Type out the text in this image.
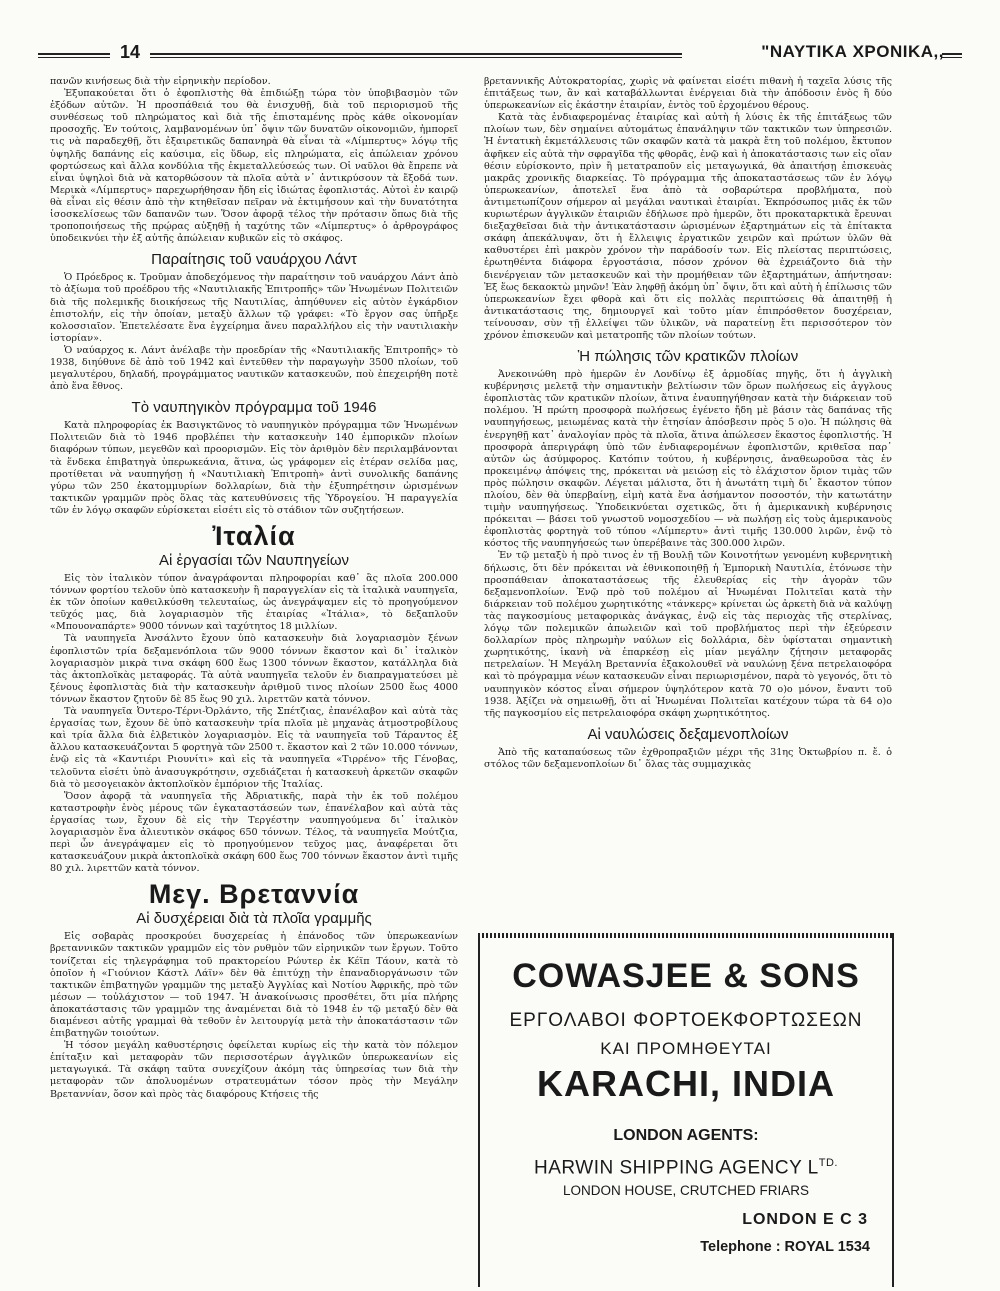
14	"ΝΑΥΤΙΚΑ ΧΡΟΝΙΚΑ,,

πανῶν κινήσεως διὰ τὴν εἰρηνικὴν περίοδον.

Ἐξυπακούεται ὅτι ὁ ἐφοπλιστὴς θὰ ἐπιδιώξῃ τώρα τὸν ὑποβιβασμὸν τῶν ἐξόδων αὐτῶν. Ἡ προσπάθειά του θὰ ἐνισχυθῇ, διὰ τοῦ περιορισμοῦ τῆς συνθέσεως τοῦ πληρώματος καὶ διὰ τῆς ἐπισταμένης πρὸς κάθε οἰκονομίαν προσοχῆς. Ἐν τούτοις, λαμβανομένων ὑπ᾿ ὄψιν τῶν δυνατῶν οἰκονομιῶν, ἠμπορεῖ τις νὰ παραδεχθῇ, ὅτι ἐξαιρετικῶς δαπανηρὰ θὰ εἶναι τὰ «Λίμπερτυς» λόγῳ τῆς ὑψηλῆς δαπάνης εἰς καύσιμα, εἰς ὕδωρ, εἰς πληρώματα, εἰς ἀπώλειαν χρόνου φορτώσεως καὶ ἄλλα κονδύλια τῆς ἐκμεταλλεύσεώς των. Οἱ ναῦλοι θὰ ἔπρεπε νὰ εἶναι ὑψηλοὶ διὰ νὰ κατορθώσουν τὰ πλοῖα αὐτὰ ν᾿ ἀντικρύσουν τὰ ἔξοδά των. Μερικὰ «Λίμπερτυς» παρεχωρήθησαν ἤδη εἰς ἰδιώτας ἐφοπλιστάς. Αὐτοὶ ἐν καιρῷ θὰ εἶναι εἰς θέσιν ἀπὸ τὴν κτηθεῖσαν πεῖραν νὰ ἐκτιμήσουν καὶ τὴν δυνατότητα ἰσοσκελίσεως τῶν δαπανῶν των. Ὅσον ἀφορᾷ τέλος τὴν πρότασιν ὅπως διὰ τῆς τροποποιήσεως τῆς πρῴρας αὐξηθῇ ἡ ταχύτης τῶν «Λίμπερτυς» ὁ ἀρθρογράφος ὑποδεικνύει τὴν ἐξ αὐτῆς ἀπώλειαν κυβικῶν εἰς τὸ σκάφος.

Παραίτησις τοῦ ναυάρχου Λάντ

Ὁ Πρόεδρος κ. Τροῦμαν ἀποδεχόμενος τὴν παραίτησιν τοῦ ναυάρχου Λάντ ἀπὸ τὸ ἀξίωμα τοῦ προέδρου τῆς «Ναυτιλιακῆς Ἐπιτροπῆς» τῶν Ἡνωμένων Πολιτειῶν διὰ τῆς πολεμικῆς διοικήσεως τῆς Ναυτιλίας, ἀπηύθυνεν εἰς αὐτὸν ἐγκάρδιον ἐπιστολήν, εἰς τὴν ὁποίαν, μεταξὺ ἄλλων τῷ γράφει: «Τὸ ἔργον σας ὑπῆρξε κολοσσιαῖον. Ἐπετελέσατε ἕνα ἐγχείρημα ἄνευ παραλλήλου εἰς τὴν ναυτιλιακὴν ἱστορίαν».

Ὁ ναύαρχος κ. Λάντ ἀνέλαβε τὴν προεδρίαν τῆς «Ναυτιλιακῆς Ἐπιτροπῆς» τὸ 1938, διηύθυνε δὲ ἀπὸ τοῦ 1942 καὶ ἐντεῦθεν τὴν παραγωγὴν 3500 πλοίων, τοῦ μεγαλυτέρου, δηλαδή, προγράμματος ναυτικῶν κατασκευῶν, ποὺ ἐπεχειρήθη ποτὲ ἀπὸ ἕνα ἔθνος.

Τὸ ναυπηγικὸν πρόγραμμα τοῦ 1946

Κατὰ πληροφορίας ἐκ Βασιγκτῶνος τὸ ναυπηγικὸν πρόγραμμα τῶν Ἡνωμένων Πολιτειῶν διὰ τὸ 1946 προβλέπει τὴν κατασκευὴν 140 ἐμπορικῶν πλοίων διαφόρων τύπων, μεγεθῶν καὶ προορισμῶν. Εἰς τὸν ἀριθμὸν δὲν περιλαμβάνονται τὰ ἕνδεκα ἐπιβατηγὰ ὑπερωκεάνια, ἅτινα, ὡς γράφομεν εἰς ἑτέραν σελίδα μας, προτίθεται νὰ ναυπηγήσῃ ἡ «Ναυτιλιακὴ Ἐπιτροπὴ» ἀντὶ συνολικῆς δαπάνης γύρω τῶν 250 ἑκατομμυρίων δολλαρίων, διὰ τὴν ἐξυπηρέτησιν ὡρισμένων τακτικῶν γραμμῶν πρὸς ὅλας τὰς κατευθύνσεις τῆς Ὑδρογείου. Ἡ παραγγελία τῶν ἐν λόγῳ σκαφῶν εὑρίσκεται εἰσέτι εἰς τὸ στάδιον τῶν συζητήσεων.

Ἰταλία
Αἱ ἐργασίαι τῶν Ναυπηγείων

Εἰς τὸν ἰταλικὸν τύπον ἀναγράφονται πληροφορίαι καθ᾿ ἃς πλοῖα 200.000 τόννων φορτίου τελοῦν ὑπὸ κατασκευὴν ἢ παραγγελίαν εἰς τὰ ἰταλικὰ ναυπηγεῖα, ἐκ τῶν ὁποίων καθειλκύσθη τελευταίως, ὡς ἀνεγράψαμεν εἰς τὸ προηγούμενον τεῦχός μας, διὰ λογαριασμὸν τῆς ἑταιρίας «Ἰτάλια», τὸ δεξαπλοῦν «Μπουοναπάρτε» 9000 τόννων καὶ ταχύτητος 18 μιλλίων.

Τὰ ναυπηγεῖα Ἀνσάλντο ἔχουν ὑπὸ κατασκευὴν διὰ λογαριασμὸν ξένων ἐφοπλιστῶν τρία δεξαμενόπλοια τῶν 9000 τόννων ἕκαστον καὶ δι᾿ ἰταλικὸν λογαριασμὸν μικρὰ τινα σκάφη 600 ἕως 1300 τόννων ἕκαστον, κατάλληλα διὰ τὰς ἀκτοπλοϊκὰς μεταφοράς. Τὰ αὐτὰ ναυπηγεῖα τελοῦν ἐν διαπραγματεύσει μὲ ξένους ἐφοπλιστὰς διὰ τὴν κατασκευὴν ἀριθμοῦ τινος πλοίων 2500 ἕως 4000 τόννων ἕκαστον ζητοῦν δὲ 85 ἕως 90 χιλ. λιρεττῶν κατὰ τόννον.

Τὰ ναυπηγεῖα Ὀντερο-Τέρνι-Ὀρλάντο, τῆς Σπέτζιας, ἐπανέλαβον καὶ αὐτὰ τὰς ἐργασίας των, ἔχουν δὲ ὑπὸ κατασκευὴν τρία πλοῖα μὲ μηχανὰς ἀτμοστροβίλους καὶ τρία ἄλλα διὰ ἐλβετικὸν λογαριασμὸν. Εἰς τὰ ναυπηγεῖα τοῦ Τάραντος ἐξ ἄλλου κατασκευάζονται 5 φορτηγὰ τῶν 2500 τ. ἕκαστον καὶ 2 τῶν 10.000 τόννων, ἐνῷ εἰς τὰ «Καντιέρι Ριουνίτι» καὶ εἰς τὰ ναυπηγεῖα «Τιρρένο» τῆς Γένοβας, τελοῦντα εἰσέτι ὑπὸ ἀνασυγκρότησιν, σχεδιάζεται ἡ κατασκευὴ ἀρκετῶν σκαφῶν διὰ τὸ μεσογειακὸν ἀκτοπλοϊκὸν ἐμπόριον τῆς Ἰταλίας.

Ὅσον ἀφορᾷ τὰ ναυπηγεῖα τῆς Ἀδριατικῆς, παρὰ τὴν ἐκ τοῦ πολέμου καταστροφὴν ἑνὸς μέρους τῶν ἐγκαταστάσεών των, ἐπανέλαβον καὶ αὐτὰ τὰς ἐργασίας των, ἔχουν δὲ εἰς τὴν Τεργέστην ναυπηγούμενα δι᾿ ἰταλικὸν λογαριασμὸν ἕνα ἀλιευτικὸν σκάφος 650 τόννων. Τέλος, τὰ ναυπηγεῖα Μούτζια, περὶ ὧν ἀνεγράψαμεν εἰς τὸ προηγούμενον τεῦχος μας, ἀναφέρεται ὅτι κατασκευάζουν μικρὰ ἀκτοπλοϊκὰ σκάφη 600 ἕως 700 τόννων ἕκαστον ἀντὶ τιμῆς 80 χιλ. λιρεττῶν κατὰ τόννον.

Μεγ. Βρεταννία
Αἱ δυσχέρειαι διὰ τὰ πλοῖα γραμμῆς

Εἰς σοβαρὰς προσκρούει δυσχερείας ἡ ἐπάνοδος τῶν ὑπερωκεανίων βρεταννικῶν τακτικῶν γραμμῶν εἰς τὸν ρυθμὸν τῶν εἰρηνικῶν των ἔργων. Τοῦτο τονίζεται εἰς τηλεγράφημα τοῦ πρακτορείου Ρώυτερ ἐκ Κέϊπ Τάουν, κατὰ τὸ ὁποῖον ἡ «Γιούνιον Κάστλ Λάϊν» δὲν θὰ ἐπιτύχῃ τὴν ἐπαναδιοργάνωσιν τῶν τακτικῶν ἐπιβατηγῶν γραμμῶν της μεταξὺ Ἀγγλίας καὶ Νοτίου Ἀφρικῆς, πρὸ τῶν μέσων — τοὐλάχιστον — τοῦ 1947. Ἡ ἀνακοίνωσις προσθέτει, ὅτι μία πλήρης ἀποκατάστασις τῶν γραμμῶν της ἀναμένεται διὰ τὸ 1948 ἐν τῷ μεταξύ δὲν θὰ διαμένεσι αὐτῆς γραμμαὶ θὰ τεθοῦν ἐν λειτουργίᾳ μετὰ τὴν ἀποκατάστασιν τῶν ἐπιβατηγῶν τοιούτων.

Ἡ τόσον μεγάλη καθυστέρησις ὀφείλεται κυρίως εἰς τὴν κατὰ τὸν πόλεμον ἐπίταξιν καὶ μεταφορὰν τῶν περισσοτέρων ἀγγλικῶν ὑπερωκεανίων εἰς μεταγωγικά. Τὰ σκάφη ταῦτα συνεχίζουν ἀκόμη τὰς ὑπηρεσίας των διὰ τὴν μεταφορὰν τῶν ἀπολυομένων στρατευμάτων τόσον πρὸς τὴν Μεγάλην Βρεταννίαν, ὅσον καὶ πρὸς τὰς διαφόρους Κτήσεις τῆς

βρεταννικῆς Αὐτοκρατορίας, χωρὶς νὰ φαίνεται εἰσέτι πιθανὴ ἡ ταχεῖα λύσις τῆς ἐπιτάξεως των, ἂν καὶ καταβάλλωνται ἐνέργειαι διὰ τὴν ἀπόδοσιν ἑνὸς ἢ δύο ὑπερωκεανίων εἰς ἑκάστην ἑταιρίαν, ἐντὸς τοῦ ἐρχομένου θέρους.

Κατὰ τὰς ἐνδιαφερομένας ἑταιρίας καὶ αὐτὴ ἡ λύσις ἐκ τῆς ἐπιτάξεως τῶν πλοίων των, δὲν σημαίνει αὐτομάτως ἐπανάληψιν τῶν τακτικῶν των ὑπηρεσιῶν. Ἡ ἐντατικὴ ἐκμετάλλευσις τῶν σκαφῶν κατὰ τὰ μακρὰ ἔτη τοῦ πολέμου, ἔκτυπον ἀφῆκεν εἰς αὐτὰ τὴν σφραγῖδα τῆς φθορᾶς, ἐνῷ καὶ ἡ ἀποκατάστασις των εἰς οἵαν θέσιν εὑρίσκοντο, πρὶν ἢ μετατραποῦν εἰς μεταγωγικά, θὰ ἀπαιτήσῃ ἐπισκευὰς μακρᾶς χρονικῆς διαρκείας. Τὸ πρόγραμμα τῆς ἀποκαταστάσεως τῶν ἐν λόγῳ ὑπερωκεανίων, ἀποτελεῖ ἕνα ἀπὸ τὰ σοβαρώτερα προβλήματα, ποὺ ἀντιμετωπίζουν σήμερον αἱ μεγάλαι ναυτικαὶ ἑταιρίαι. Ἐκπρόσωπος μιᾶς ἐκ τῶν κυριωτέρων ἀγγλικῶν ἑταιριῶν ἐδήλωσε πρὸ ἡμερῶν, ὅτι προκαταρκτικὰ ἔρευναι διεξαχθεῖσαι διὰ τὴν ἀντικατάστασιν ὡρισμένων ἐξαρτημάτων εἰς τὰ ἐπίτακτα σκάφη ἀπεκάλυψαν, ὅτι ἡ ἔλλειψις ἐργατικῶν χειρῶν καὶ πρώτων ὑλῶν θὰ καθυστέρει ἐπὶ μακρὸν χρόνον τὴν παράδοσίν των. Εἰς πλείστας περιπτώσεις, ἐρωτηθέντα διάφορα ἐργοστάσια, πόσον χρόνον θὰ ἐχρειάζοντο διὰ τὴν διενέργειαν τῶν μετασκευῶν καὶ τὴν προμήθειαν τῶν ἐξαρτημάτων, ἀπήντησαν: Ἐξ ἕως δεκαοκτὼ μηνῶν! Ἐὰν ληφθῇ ἀκόμη ὑπ᾿ ὄψιν, ὅτι καὶ αὐτὴ ἡ ἐπίλωσις τῶν ὑπερωκεανίων ἔχει φθορὰ καὶ ὅτι εἰς πολλὰς περιπτώσεις θὰ ἀπαιτηθῇ ἡ ἀντικατάστασις της, δημιουργεῖ καὶ τοῦτο μίαν ἐπιπρόσθετον δυσχέρειαν, τείνουσαν, σὺν τῇ ἐλλείψει τῶν ὑλικῶν, νὰ παρατείνῃ ἔτι περισσότερον τὸν χρόνον ἐπισκευῶν καὶ μετατροπῆς τῶν πλοίων τούτων.

Ἡ πώλησις τῶν κρατικῶν πλοίων

Ἀνεκοινώθη πρὸ ἡμερῶν ἐν Λονδίνῳ ἐξ ἁρμοδίας πηγῆς, ὅτι ἡ ἀγγλικὴ κυβέρνησις μελετᾷ τὴν σημαντικὴν βελτίωσιν τῶν ὅρων πωλήσεως εἰς ἀγγλους ἐφοπλιστὰς τῶν κρατικῶν πλοίων, ἅτινα ἐναυπηγήθησαν κατὰ τὴν διάρκειαν τοῦ πολέμου. Ἡ πρώτη προσφορὰ πωλήσεως ἐγένετο ἤδη μὲ βάσιν τὰς δαπάνας τῆς ναυπηγήσεως, μειωμένας κατὰ τὴν ἐτησίαν ἀπόσβεσιν πρὸς 5 ο)ο. Ἡ πώλησις θὰ ἐνεργηθῇ κατ᾿ ἀναλογίαν πρὸς τὰ πλοῖα, ἅτινα ἀπώλεσεν ἕκαστος ἐφοπλιστής. Ἡ προσφορὰ ἀπεριγράφη ὑπὸ τῶν ἐνδιαφερομένων ἐφοπλιστῶν, κριθεῖσα παρ᾿ αὐτῶν ὡς ἀσύμφορος. Κατόπιν τούτου, ἡ κυβέρνησις, ἀναθεωροῦσα τὰς ἐν προκειμένῳ ἀπόψεις της, πρόκειται νὰ μειώσῃ εἰς τὸ ἐλάχιστον ὅριον τιμὰς τῶν πρὸς πώλησιν σκαφῶν. Λέγεται μάλιστα, ὅτι ἡ ἀνωτάτη τιμὴ δι᾿ ἕκαστον τύπον πλοίου, δὲν θὰ ὑπερβαίνῃ, εἰμὴ κατὰ ἕνα ἀσήμαντον ποσοστόν, τὴν κατωτάτην τιμὴν ναυπηγήσεως. Ὑποδεικνύεται σχετικῶς, ὅτι ἡ ἀμερικανικὴ κυβέρνησις πρόκειται — βάσει τοῦ γνωστοῦ νομοσχεδίου — νὰ πωλήσῃ εἰς τοὺς ἀμερικανοὺς ἐφοπλιστὰς φορτηγὰ τοῦ τύπου «Λίμπερτυ» ἀντὶ τιμῆς 130.000 λιρῶν, ἐνῷ τὸ κόστος τῆς ναυπηγήσεώς των ὑπερέβαινε τὰς 300.000 λιρῶν.

Ἐν τῷ μεταξὺ ἡ πρὸ τινος ἐν τῇ Βουλῇ τῶν Κοινοτήτων γενομένη κυβερνητικὴ δήλωσις, ὅτι δὲν πρόκειται νὰ ἐθνικοποιηθῇ ἡ Ἐμπορικὴ Ναυτιλία, ἐτόνωσε τὴν προσπάθειαν ἀποκαταστάσεως τῆς ἐλευθερίας εἰς τὴν ἀγορὰν τῶν δεξαμενοπλοίων. Ἐνῷ πρὸ τοῦ πολέμου αἱ Ἡνωμέναι Πολιτεῖαι κατὰ τὴν διάρκειαν τοῦ πολέμου χωρητικότης «τάνκερς» κρίνεται ὡς ἀρκετὴ διὰ νὰ καλύψῃ τὰς παγκοσμίους μεταφορικὰς ἀνάγκας, ἐνῷ εἰς τὰς περιοχὰς τῆς στερλίνας, λόγῳ τῶν πολεμικῶν ἀπωλειῶν καὶ τοῦ προβλήματος περὶ τὴν ἐξεύρεσιν δολλαρίων πρὸς πληρωμὴν ναύλων εἰς δολλάρια, δὲν ὑφίσταται σημαντικὴ χωρητικότης, ἱκανὴ νὰ ἐπαρκέσῃ εἰς μίαν μεγάλην ζήτησιν μεταφορᾶς πετρελαίων. Ἡ Μεγάλη Βρεταννία ἐξακολουθεῖ νὰ ναυλώνῃ ξένα πετρελαιοφόρα καὶ τὸ πρόγραμμα νέων κατασκευῶν εἶναι περιωρισμένον, παρὰ τὸ γεγονός, ὅτι τὸ ναυπηγικὸν κόστος εἶναι σήμερον ὑψηλότερον κατὰ 70 ο)ο μόνον, ἔναντι τοῦ 1938. Ἀξίζει νὰ σημειωθῇ, ὅτι αἱ Ἡνωμέναι Πολιτεῖαι κατέχουν τώρα τὰ 64 ο)ο τῆς παγκοσμίου εἰς πετρελαιοφόρα σκάφη χωρητικότητος.

Αἱ ναυλώσεις δεξαμενοπλοίων

Ἀπὸ τῆς καταπαύσεως τῶν ἐχθροπραξιῶν μέχρι τῆς 31ης Ὀκτωβρίου π. ἔ. ὁ στόλος τῶν δεξαμενοπλοίων δι᾿ ὅλας τὰς συμμαχικὰς

COWASJEE & SONS
ΕΡΓΟΛΑΒΟΙ ΦΟΡΤΟΕΚΦΟΡΤΩΣΕΩΝ
ΚΑΙ ΠΡΟΜΗΘΕΥΤΑΙ
KARACHI, INDIA
LONDON AGENTS:
HARWIN SHIPPING AGENCY $L^{TD.}$
LONDON HOUSE, CRUTCHED FRIARS
LONDON E C 3
Telephone : ROYAL 1534
